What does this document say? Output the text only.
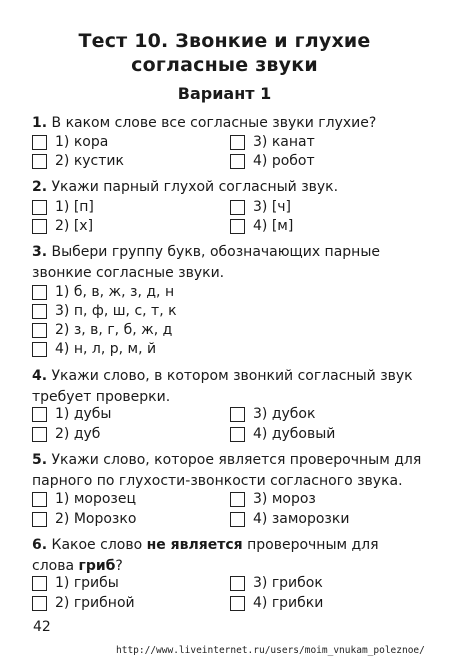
Тест 10. Звонкие и глухие
согласные звуки
Вариант 1
1. В каком слове все согласные звуки глухие?
1) кора
2) кустик
3) канат
4) робот
2. Укажи парный глухой согласный звук.
1) [п]
2) [х]
3) [ч]
4) [м]
3. Выбери группу букв, обозначающих парные
звонкие согласные звуки.
1) б, в, ж, з, д, н
3) п, ф, ш, с, т, к
2) з, в, г, б, ж, д
4) н, л, р, м, й
4. Укажи слово, в котором звонкий согласный звук
требует проверки.
1) дубы
2) дуб
3) дубок
4) дубовый
5. Укажи слово, которое является проверочным для
парного по глухости-звонкости согласного звука.
1) морозец
2) Морозко
3) мороз
4) заморозки
6. Какое слово не является проверочным для
слова гриб?
1) грибы
2) грибной
3) грибок
4) грибки
42
http://www.liveinternet.ru/users/moim_vnukam_poleznoe/
